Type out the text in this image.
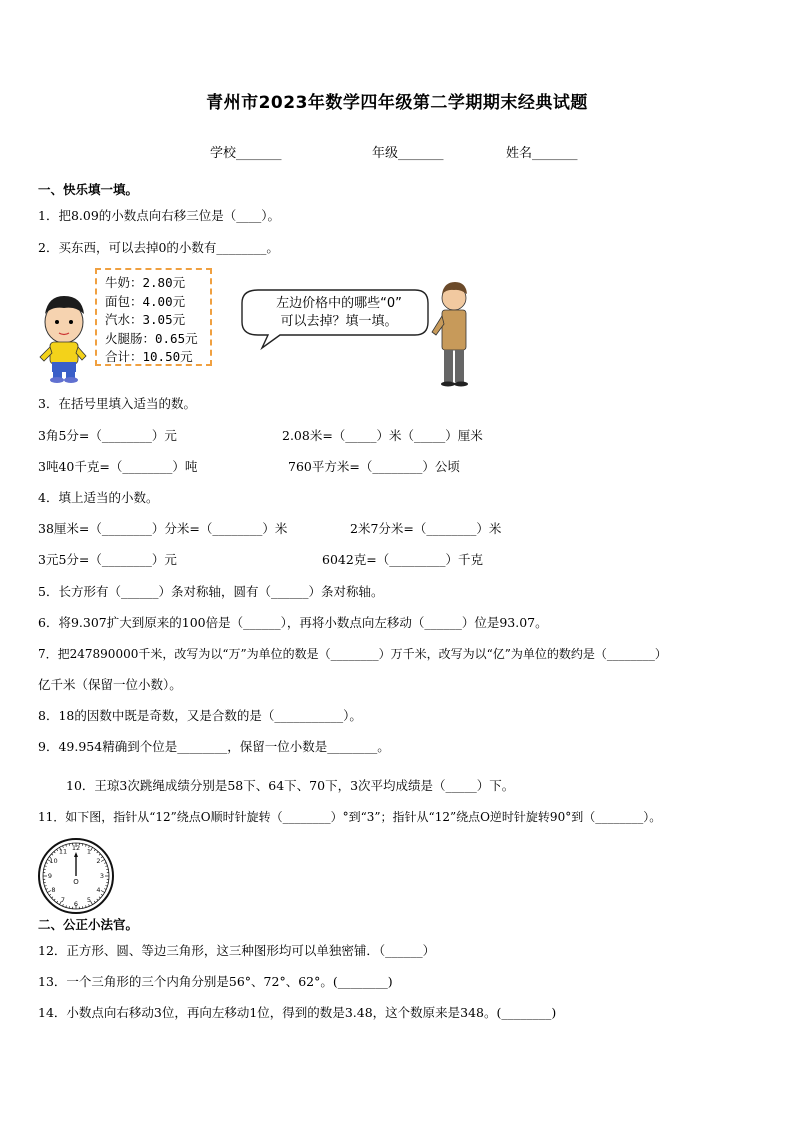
青州市2023年数学四年级第二学期期末经典试题
学校_______	年级_______	姓名_______
一、快乐填一填。
1．把8.09的小数点向右移三位是（____）。
2．买东西，可以去掉0的小数有________。
牛奶：2.80元
面包：4.00元
汽水：3.05元
火腿肠：0.65元
合计：10.50元
左边价格中的哪些“0”
可以去掉？填一填。
3．在括号里填入适当的数。
3角5分=（________）元	2.08米=（_____）米（_____）厘米
3吨40千克=（________）吨	760平方米=（________）公顷
4．填上适当的小数。
38厘米=（________）分米=（________）米	2米7分米=（________）米
3元5分=（________）元	6042克=（_________）千克
5．长方形有（______）条对称轴，圆有（______）条对称轴。
6．将9.307扩大到原来的100倍是（______），再将小数点向左移动（______）位是93.07。
7．把247890000千米，改写为以“万”为单位的数是（________）万千米，改写为以“亿”为单位的数约是（________）
亿千米（保留一位小数）。
8．18的因数中既是奇数，又是合数的是（___________）。
9．49.954精确到个位是________，保留一位小数是________。
10．王琼3次跳绳成绩分别是58下、64下、70下，3次平均成绩是（_____）下。
11．如下图，指针从“12”绕点O顺时针旋转（________）°到“3”；指针从“12”绕点O逆时针旋转90°到（________）。
12 1
2
3
4
5
6
7
8
9
10
11
O
二、公正小法官。
12．正方形、圆、等边三角形，这三种图形均可以单独密铺．（______）
13．一个三角形的三个内角分别是56°、72°、62°。(________)
14．小数点向右移动3位，再向左移动1位，得到的数是3.48，这个数原来是348。(________)
